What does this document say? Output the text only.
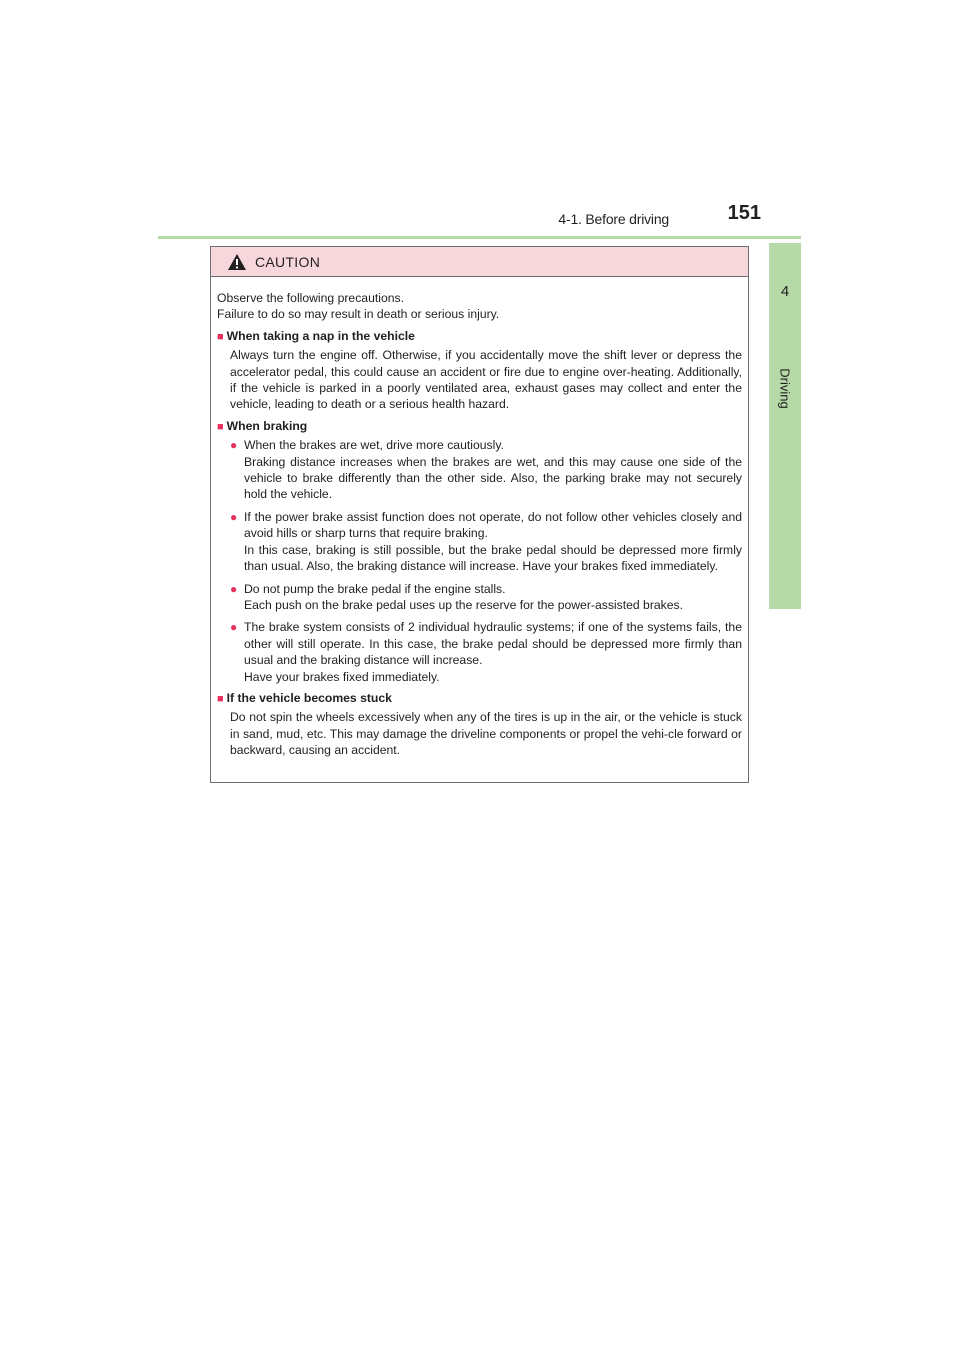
4-1. Before driving	151
4
Driving
CAUTION

Observe the following precautions.

Failure to do so may result in death or serious injury.

■ When taking a nap in the vehicle
Always turn the engine off. Otherwise, if you accidentally move the shift lever or depress the accelerator pedal, this could cause an accident or fire due to engine over-heating. Additionally, if the vehicle is parked in a poorly ventilated area, exhaust gases may collect and enter the vehicle, leading to death or a serious health hazard.
■ When braking
● When the brakes are wet, drive more cautiously.

Braking distance increases when the brakes are wet, and this may cause one side of the vehicle to brake differently than the other side. Also, the parking brake may not securely hold the vehicle.

● If the power brake assist function does not operate, do not follow other vehicles closely and avoid hills or sharp turns that require braking.

In this case, braking is still possible, but the brake pedal should be depressed more firmly than usual. Also, the braking distance will increase. Have your brakes fixed immediately.

● Do not pump the brake pedal if the engine stalls.

Each push on the brake pedal uses up the reserve for the power-assisted brakes.

● The brake system consists of 2 individual hydraulic systems; if one of the systems fails, the other will still operate. In this case, the brake pedal should be depressed more firmly than usual and the braking distance will increase.

Have your brakes fixed immediately.

■ If the vehicle becomes stuck
Do not spin the wheels excessively when any of the tires is up in the air, or the vehicle is stuck in sand, mud, etc. This may damage the driveline components or propel the vehi-cle forward or backward, causing an accident.
